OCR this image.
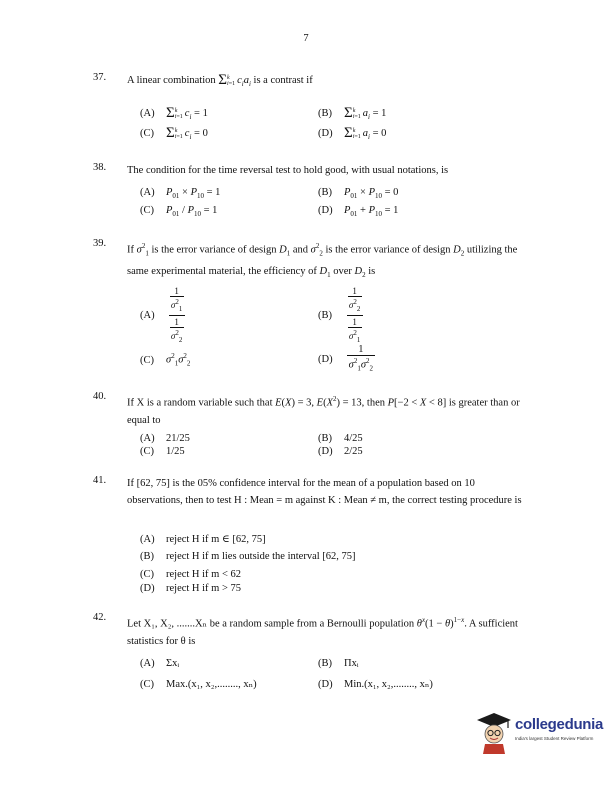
7
37.	A linear combination Σ k
i=1 $c_ia_i$ is a contrast if
(A) Σ k
i=1 $c_i = 1$	(B) Σ k
i=1 $a_i = 1$
(C) Σ k
i=1 $c_i = 0$	(D) Σ k
i=1 $a_i = 0$
38.	The condition for the time reversal test to hold good, with usual notations, is
(A) $P_{01} \times P_{10} = 1$	(B) $P_{01} \times P_{10} = 0$
(C) $P_{01} / P_{10} = 1$	(D) $P_{01} + P_{10} = 1$
39.
If $\sigma^2_1$ is the error variance of design $D_1$ and $\sigma^2_2$ is the error variance of design $D_2$ utilizing the same experimental material, the efficiency of $D_1$ over $D_2$ is
(A)
1
$\sigma^2_1$
1
$\sigma^2_2$
(B)
1
$\sigma^2_2$
1
$\sigma^2_1$
(C) $\sigma^2_1\sigma^2_2$	$(D) \frac{1}{\sigma^2_1\sigma^2_2}$
40.
If X is a random variable such that E(X) = 3, $E(X^2) = 13$, then P[−2 < X < 8] is greater than or equal to
(A) 21/25	(B) 4/25
(C) 1/25	(D) 2/25
41.	If [62, 75] is the 05% confidence interval for the mean of a population based on 10 observations, then to test H : Mean = m against K : Mean ≠ m, the correct testing procedure is
(A) reject H if m ∈ [62, 75]
(B) reject H if m lies outside the interval [62, 75]
(C) reject H if m < 62
(D) reject H if m > 75
42.
Let X₁, X₂, .......Xₙ be a random sample from a Bernoulli population $\theta^x(1 - \theta)^{1-x}$. A sufficient statistics for θ is
(A) Σxᵢ	(B) Πxᵢ
(C) Max.(x₁, x₂,........, xₙ)	(D) Min.(x₁, x₂,........, xₙ)
collegedunia
India's largest Student Review Platform
